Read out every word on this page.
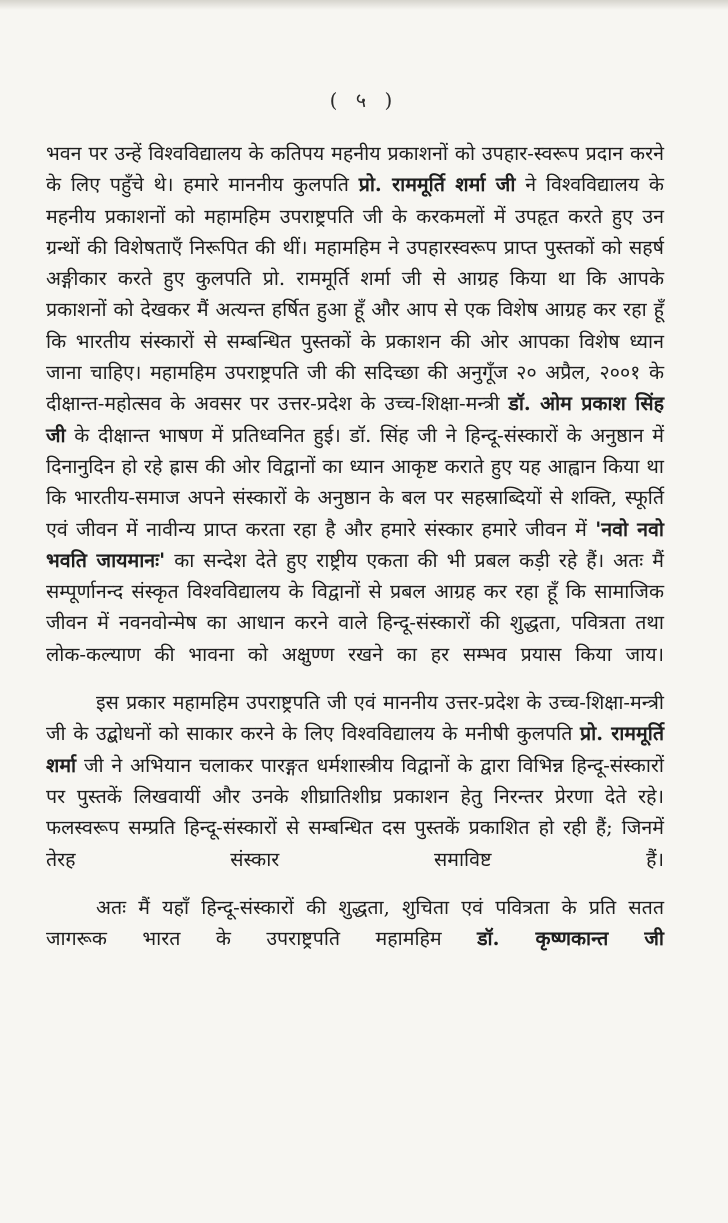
( ५ )

भवन पर उन्हें विश्वविद्यालय के कतिपय महनीय प्रकाशनों को उपहार-स्वरूप प्रदान करने के लिए पहुँचे थे। हमारे माननीय कुलपति प्रो. राममूर्ति शर्मा जी ने विश्वविद्यालय के महनीय प्रकाशनों को महामहिम उपराष्ट्रपति जी के करकमलों में उपहृत करते हुए उन ग्रन्थों की विशेषताएँ निरूपित की थीं। महामहिम ने उपहारस्वरूप प्राप्त पुस्तकों को सहर्ष अङ्गीकार करते हुए कुलपति प्रो. राममूर्ति शर्मा जी से आग्रह किया था कि आपके प्रकाशनों को देखकर मैं अत्यन्त हर्षित हुआ हूँ और आप से एक विशेष आग्रह कर रहा हूँ कि भारतीय संस्कारों से सम्बन्धित पुस्तकों के प्रकाशन की ओर आपका विशेष ध्यान जाना चाहिए। महामहिम उपराष्ट्रपति जी की सदिच्छा की अनुगूँज २० अप्रैल, २००१ के दीक्षान्त-महोत्सव के अवसर पर उत्तर-प्रदेश के उच्च-शिक्षा-मन्त्री डॉ. ओम प्रकाश सिंह जी के दीक्षान्त भाषण में प्रतिध्वनित हुई। डॉ. सिंह जी ने हिन्दू-संस्कारों के अनुष्ठान में दिनानुदिन हो रहे ह्रास की ओर विद्वानों का ध्यान आकृष्ट कराते हुए यह आह्वान किया था कि भारतीय-समाज अपने संस्कारों के अनुष्ठान के बल पर सहस्राब्दियों से शक्ति, स्फूर्ति एवं जीवन में नावीन्य प्राप्त करता रहा है और हमारे संस्कार हमारे जीवन में 'नवो नवो भवति जायमानः' का सन्देश देते हुए राष्ट्रीय एकता की भी प्रबल कड़ी रहे हैं। अतः मैं सम्पूर्णानन्द संस्कृत विश्वविद्यालय के विद्वानों से प्रबल आग्रह कर रहा हूँ कि सामाजिक जीवन में नवनवोन्मेष का आधान करने वाले हिन्दू-संस्कारों की शुद्धता, पवित्रता तथा लोक-कल्याण की भावना को अक्षुण्ण रखने का हर सम्भव प्रयास किया जाय।

इस प्रकार महामहिम उपराष्ट्रपति जी एवं माननीय उत्तर-प्रदेश के उच्च-शिक्षा-मन्त्री जी के उद्बोधनों को साकार करने के लिए विश्वविद्यालय के मनीषी कुलपति प्रो. राममूर्ति शर्मा जी ने अभियान चलाकर पारङ्गत धर्मशास्त्रीय विद्वानों के द्वारा विभिन्न हिन्दू-संस्कारों पर पुस्तकें लिखवायीं और उनके शीघ्रातिशीघ्र प्रकाशन हेतु निरन्तर प्रेरणा देते रहे। फलस्वरूप सम्प्रति हिन्दू-संस्कारों से सम्बन्धित दस पुस्तकें प्रकाशित हो रही हैं; जिनमें तेरह संस्कार समाविष्ट हैं।

अतः मैं यहाँ हिन्दू-संस्कारों की शुद्धता, शुचिता एवं पवित्रता के प्रति सतत जागरूक भारत के उपराष्ट्रपति महामहिम डॉ. कृष्णकान्त जी
